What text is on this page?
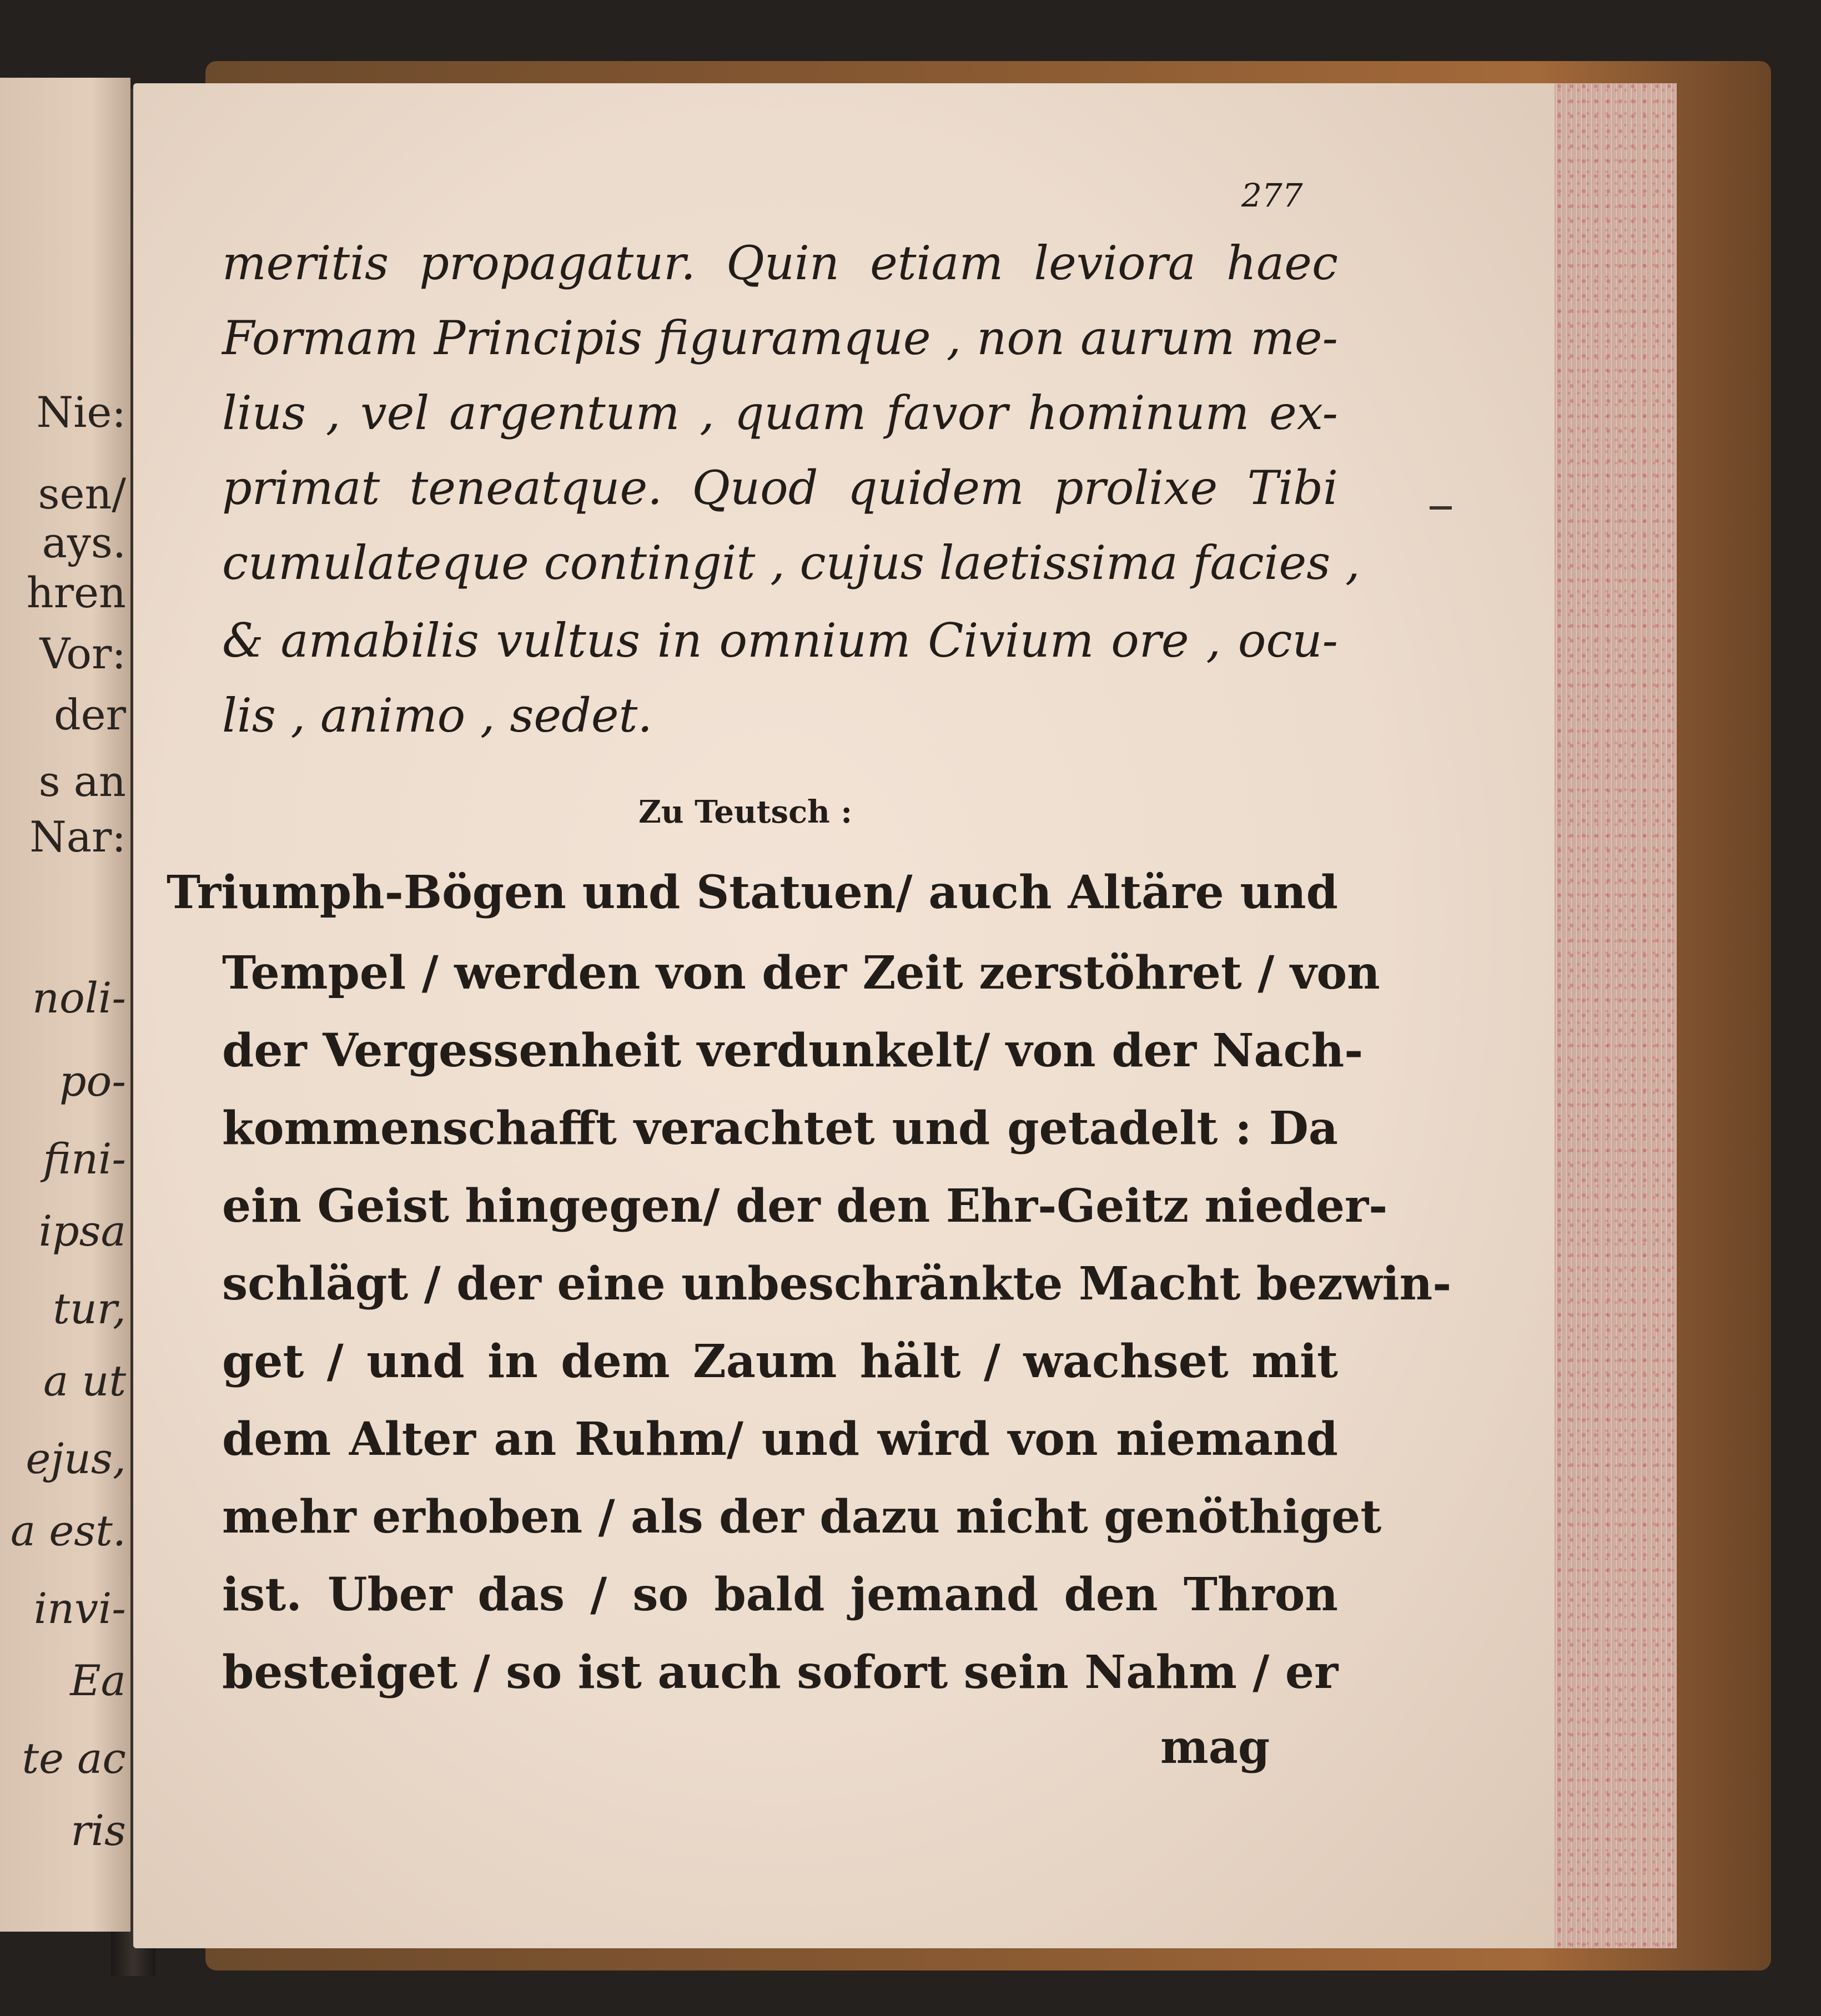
Nie:
sen/
ays.
hren
Vor:
der
s an
Nar:
noli-
po-
fini-
ipsa
tur,
a ut
ejus,
a est.
invi-
Ea
te ac
ris
277
meritis propagatur. Quin etiam leviora haec
Formam Principis figuramque , non aurum me-
lius , vel argentum , quam favor hominum ex-
primat teneatque. Quod quidem prolixe Tibi
cumulateque contingit , cujus laetissima facies ,
& amabilis vultus in omnium Civium ore , ocu-
lis , animo , sedet.
Zu Teutsch :
Triumph-Bögen und Statuen/ auch Altäre und
Tempel / werden von der Zeit zerstöhret / von
der Vergessenheit verdunkelt/ von der Nach-
kommenschafft verachtet und getadelt : Da
ein Geist hingegen/ der den Ehr-Geitz nieder-
schlägt / der eine unbeschränkte Macht bezwin-
get / und in dem Zaum hält / wachset mit
dem Alter an Ruhm/ und wird von niemand
mehr erhoben / als der dazu nicht genöthiget
ist. Uber das / so bald jemand den Thron
besteiget / so ist auch sofort sein Nahm / er
mag
